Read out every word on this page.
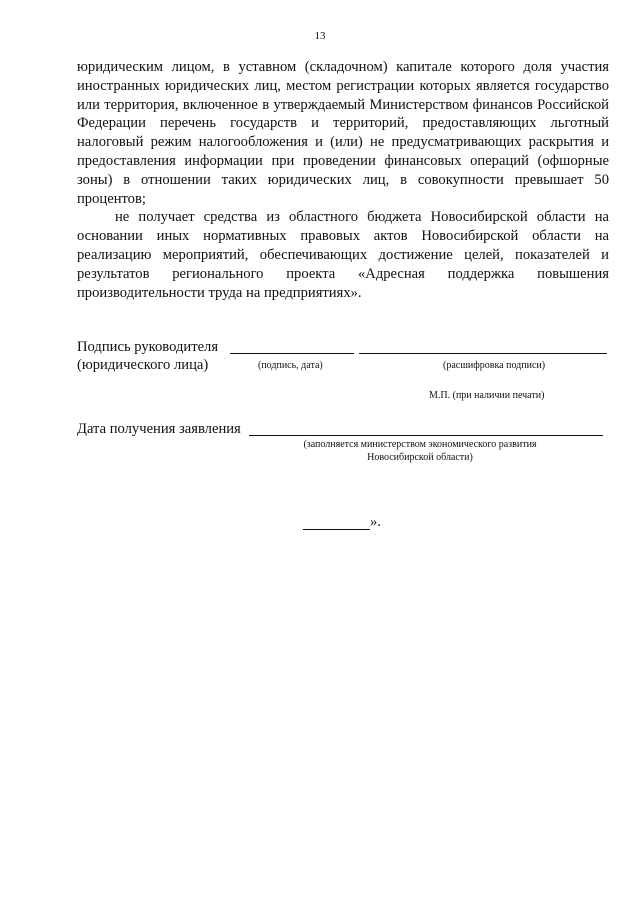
13

юридическим лицом, в уставном (складочном) капитале которого доля участия иностранных юридических лиц, местом регистрации которых является государство или территория, включенное в утверждаемый Министерством финансов Российской Федерации перечень государств и территорий, предоставляющих льготный налоговый режим налогообложения и (или) не предусматривающих раскрытия и предоставления информации при проведении финансовых операций (офшорные зоны) в отношении таких юридических лиц, в совокупности превышает 50 процентов;

не получает средства из областного бюджета Новосибирской области на основании иных нормативных правовых актов Новосибирской области на реализацию мероприятий, обеспечивающих достижение целей, показателей и результатов регионального проекта «Адресная поддержка повышения производительности труда на предприятиях».

Подпись руководителя
(юридического лица)	(подпись, дата)	(расшифровка подписи)
М.П. (при наличии печати)
Дата получения заявления
(заполняется министерством экономического развития
Новосибирской области)
».
